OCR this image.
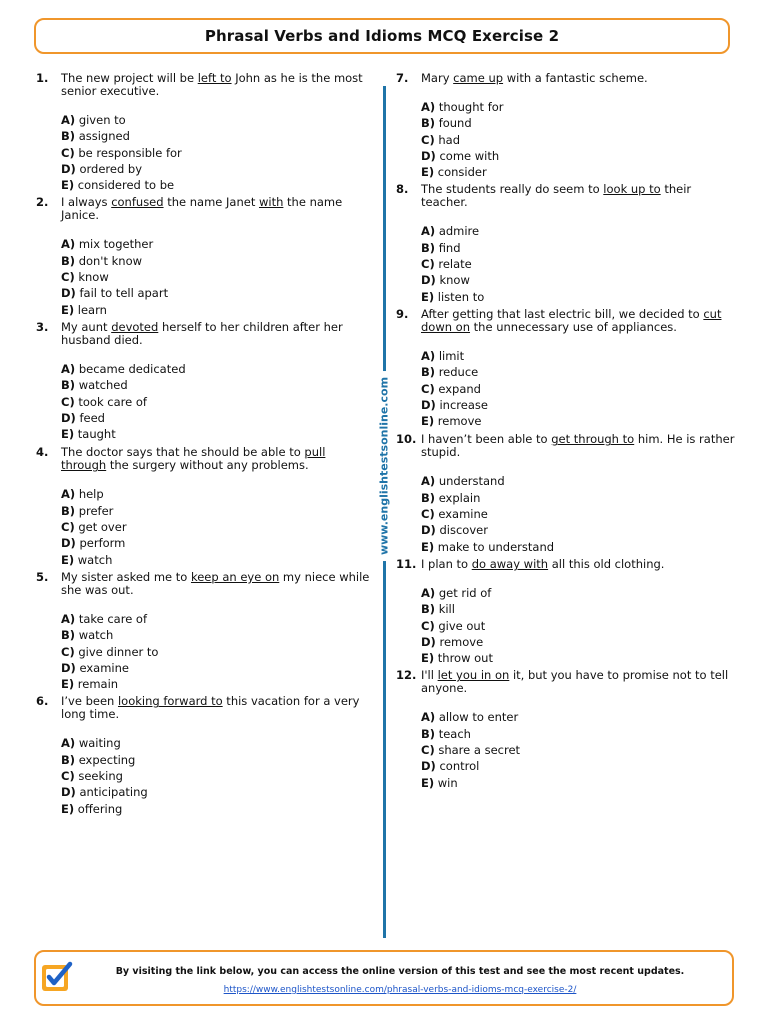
Phrasal Verbs and Idioms MCQ Exercise 2
1.	The new project will be left to John as he is the most senior executive.
A) given to
B) assigned
C) be responsible for
D) ordered by
E) considered to be
2.	I always confused the name Janet with the name Janice.
A) mix together
B) don't know
C) know
D) fail to tell apart
E) learn
3.	My aunt devoted herself to her children after her husband died.
A) became dedicated
B) watched
C) took care of
D) feed
E) taught
4.	The doctor says that he should be able to pull through the surgery without any problems.
A) help
B) prefer
C) get over
D) perform
E) watch
5.	My sister asked me to keep an eye on my niece while she was out.
A) take care of
B) watch
C) give dinner to
D) examine
E) remain
6.	I’ve been looking forward to this vacation for a very long time.
A) waiting
B) expecting
C) seeking
D) anticipating
E) offering
www.englishtestsonline.com
7.	Mary came up with a fantastic scheme.
A) thought for
B) found
C) had
D) come with
E) consider
8.	The students really do seem to look up to their teacher.
A) admire
B) find
C) relate
D) know
E) listen to
9.	After getting that last electric bill, we decided to cut down on the unnecessary use of appliances.
A) limit
B) reduce
C) expand
D) increase
E) remove
10. I haven’t been able to get through to him. He is rather stupid.
A) understand
B) explain
C) examine
D) discover
E) make to understand
11. I plan to do away with all this old clothing.
A) get rid of
B) kill
C) give out
D) remove
E) throw out
12. I'll let you in on it, but you have to promise not to tell anyone.
A) allow to enter
B) teach
C) share a secret
D) control
E) win

By visiting the link below, you can access the online version of this test and see the most recent updates.

https://www.englishtestsonline.com/phrasal-verbs-and-idioms-mcq-exercise-2/
